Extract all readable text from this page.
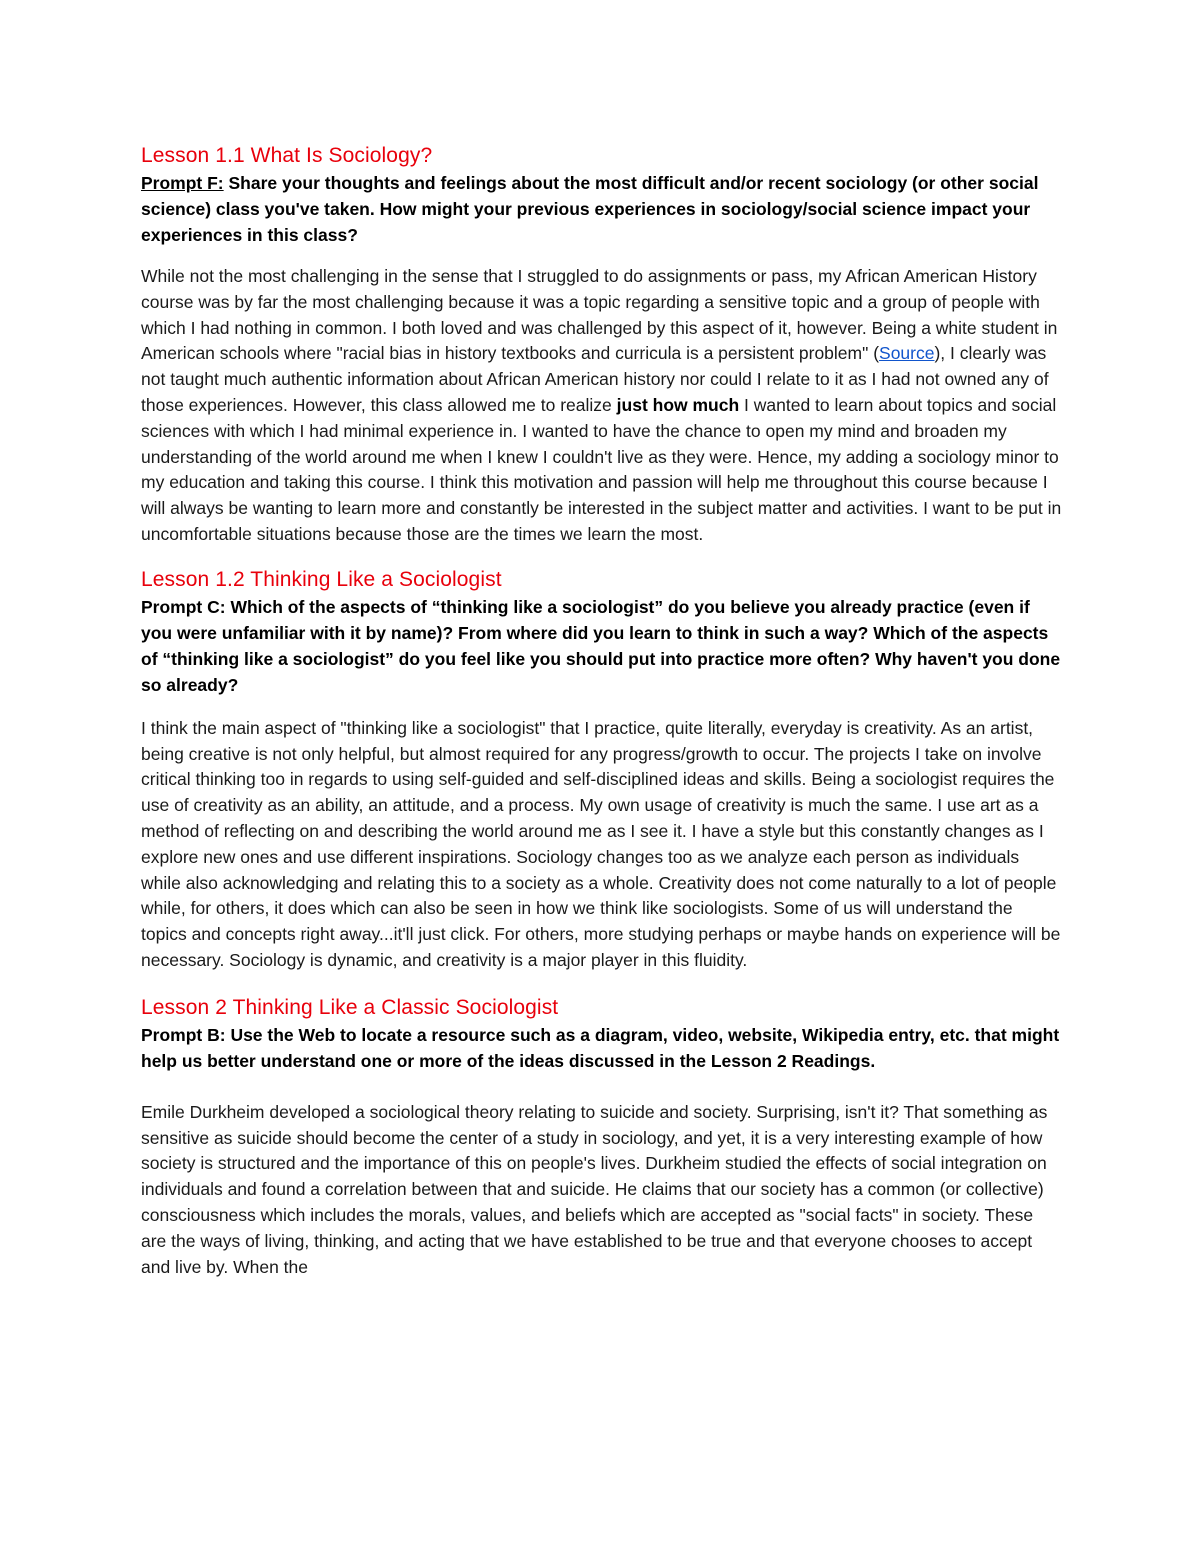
Lesson 1.1 What Is Sociology?

Prompt F: Share your thoughts and feelings about the most difficult and/or recent sociology (or other social science) class you've taken. How might your previous experiences in sociology/social science impact your experiences in this class?

While not the most challenging in the sense that I struggled to do assignments or pass, my African American History course was by far the most challenging because it was a topic regarding a sensitive topic and a group of people with which I had nothing in common. I both loved and was challenged by this aspect of it, however. Being a white student in American schools where "racial bias in history textbooks and curricula is a persistent problem" (Source), I clearly was not taught much authentic information about African American history nor could I relate to it as I had not owned any of those experiences. However, this class allowed me to realize just how much I wanted to learn about topics and social sciences with which I had minimal experience in. I wanted to have the chance to open my mind and broaden my understanding of the world around me when I knew I couldn't live as they were. Hence, my adding a sociology minor to my education and taking this course. I think this motivation and passion will help me throughout this course because I will always be wanting to learn more and constantly be interested in the subject matter and activities. I want to be put in uncomfortable situations because those are the times we learn the most.

Lesson 1.2 Thinking Like a Sociologist

Prompt C: Which of the aspects of “thinking like a sociologist” do you believe you already practice (even if you were unfamiliar with it by name)? From where did you learn to think in such a way? Which of the aspects of “thinking like a sociologist” do you feel like you should put into practice more often? Why haven't you done so already?

I think the main aspect of "thinking like a sociologist" that I practice, quite literally, everyday is creativity. As an artist, being creative is not only helpful, but almost required for any progress/growth to occur. The projects I take on involve critical thinking too in regards to using self-guided and self-disciplined ideas and skills. Being a sociologist requires the use of creativity as an ability, an attitude, and a process. My own usage of creativity is much the same. I use art as a method of reflecting on and describing the world around me as I see it. I have a style but this constantly changes as I explore new ones and use different inspirations. Sociology changes too as we analyze each person as individuals while also acknowledging and relating this to a society as a whole. Creativity does not come naturally to a lot of people while, for others, it does which can also be seen in how we think like sociologists. Some of us will understand the topics and concepts right away...it'll just click. For others, more studying perhaps or maybe hands on experience will be necessary. Sociology is dynamic, and creativity is a major player in this fluidity.

Lesson 2 Thinking Like a Classic Sociologist

Prompt B: Use the Web to locate a resource such as a diagram, video, website, Wikipedia entry, etc. that might help us better understand one or more of the ideas discussed in the Lesson 2 Readings.

Emile Durkheim developed a sociological theory relating to suicide and society. Surprising, isn't it? That something as sensitive as suicide should become the center of a study in sociology, and yet, it is a very interesting example of how society is structured and the importance of this on people's lives. Durkheim studied the effects of social integration on individuals and found a correlation between that and suicide. He claims that our society has a common (or collective) consciousness which includes the morals, values, and beliefs which are accepted as "social facts" in society. These are the ways of living, thinking, and acting that we have established to be true and that everyone chooses to accept and live by. When the
